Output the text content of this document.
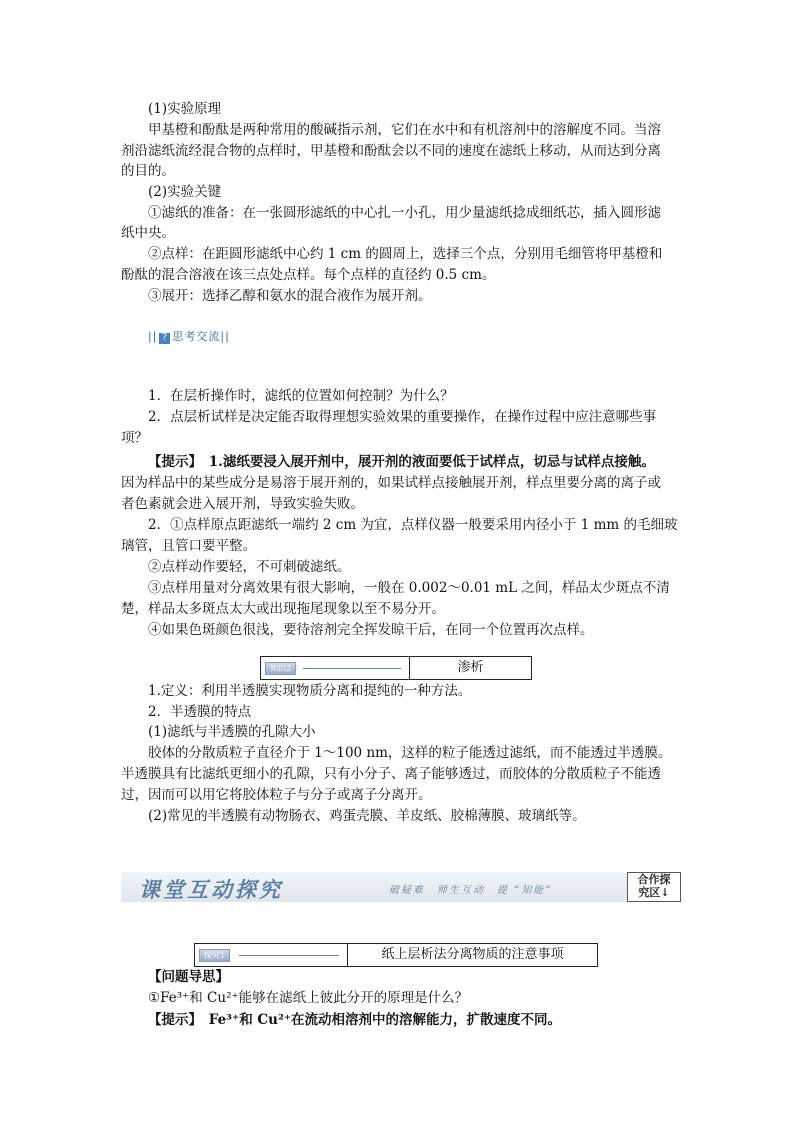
(1)实验原理
甲基橙和酚酞是两种常用的酸碱指示剂，它们在水中和有机溶剂中的溶解度不同。当溶
剂沿滤纸流经混合物的点样时，甲基橙和酚酞会以不同的速度在滤纸上移动，从而达到分离
的目的。
(2)实验关键
①滤纸的准备：在一张圆形滤纸的中心扎一小孔，用少量滤纸捻成细纸芯，插入圆形滤
纸中央。
②点样：在距圆形滤纸中心约 1 cm 的圆周上，选择三个点，分别用毛细管将甲基橙和
酚酞的混合溶液在该三点处点样。每个点样的直径约 0.5 cm。
③展开：选择乙醇和氨水的混合液作为展开剂。
|| ? 思考交流||
1．在层析操作时，滤纸的位置如何控制？为什么？
2．点层析试样是决定能否取得理想实验效果的重要操作，在操作过程中应注意哪些事
项？
【提示】　1.滤纸要浸入展开剂中，展开剂的液面要低于试样点，切忌与试样点接触。
因为样品中的某些成分是易溶于展开剂的，如果试样点接触展开剂，样点里要分离的离子或
者色素就会进入展开剂，导致实验失败。
2．①点样原点距滤纸一端约 2 cm 为宜，点样仪器一般要采用内径小于 1 mm 的毛细玻
璃管，且管口要平整。
②点样动作要轻，不可刺破滤纸。
③点样用量对分离效果有很大影响，一般在 0.002～0.01 mL 之间，样品太少斑点不清
楚，样品太多斑点太大或出现拖尾现象以至不易分开。
④如果色斑颜色很浅，要待溶剂完全挥发晾干后，在同一个位置再次点样。
知识2	渗析
1.定义：利用半透膜实现物质分离和提纯的一种方法。
2．半透膜的特点
(1)滤纸与半透膜的孔隙大小
胶体的分散质粒子直径介于 1～100 nm，这样的粒子能透过滤纸，而不能透过半透膜。
半透膜具有比滤纸更细小的孔隙，只有小分子、离子能够透过，而胶体的分散质粒子不能透
过，因而可以用它将胶体粒子与分子或离子分离开。
(2)常见的半透膜有动物肠衣、鸡蛋壳膜、羊皮纸、胶棉薄膜、玻璃纸等。
课堂互动探究	破疑难　师生互动　提 “知能”
合作探
究区↓
探究1	纸上层析法分离物质的注意事项
【问题导思】
①Fe³⁺和 Cu²⁺能够在滤纸上彼此分开的原理是什么？
【提示】　Fe³⁺和 Cu²⁺在流动相溶剂中的溶解能力，扩散速度不同。
